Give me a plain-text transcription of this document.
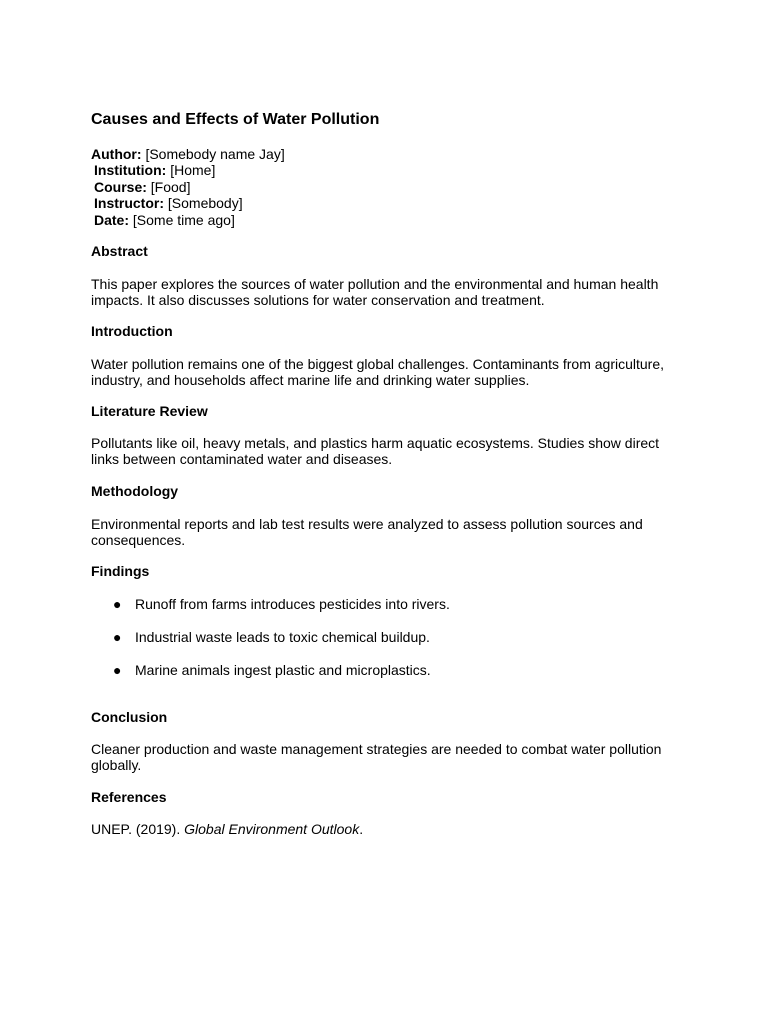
Causes and Effects of Water Pollution
Author: [Somebody name Jay]
Institution: [Home]
Course: [Food]
Instructor: [Somebody]
Date: [Some time ago]
Abstract
This paper explores the sources of water pollution and the environmental and human health impacts. It also discusses solutions for water conservation and treatment.
Introduction
Water pollution remains one of the biggest global challenges. Contaminants from agriculture, industry, and households affect marine life and drinking water supplies.
Literature Review
Pollutants like oil, heavy metals, and plastics harm aquatic ecosystems. Studies show direct links between contaminated water and diseases.
Methodology
Environmental reports and lab test results were analyzed to assess pollution sources and consequences.
Findings
● Runoff from farms introduces pesticides into rivers.
● Industrial waste leads to toxic chemical buildup.
● Marine animals ingest plastic and microplastics.
Conclusion
Cleaner production and waste management strategies are needed to combat water pollution globally.
References
UNEP. (2019). Global Environment Outlook.
